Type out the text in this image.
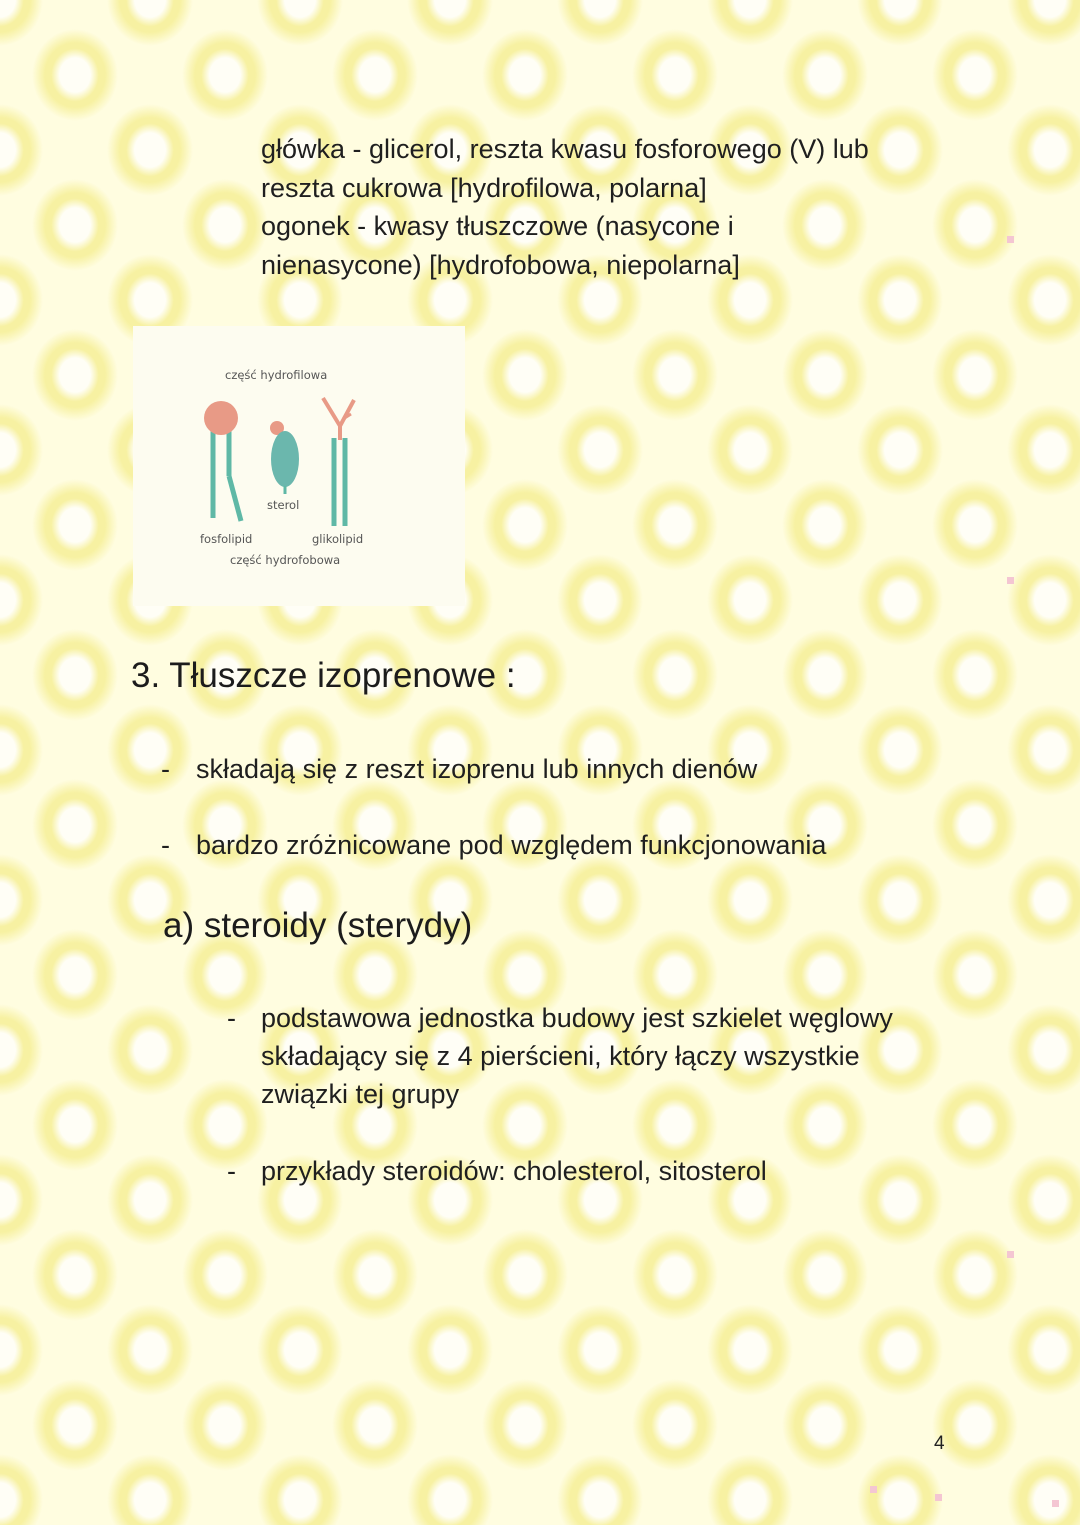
główka - glicerol, reszta kwasu fosforowego (V) lub
reszta cukrowa [hydrofilowa, polarna]
ogonek - kwasy tłuszczowe (nasycone i
nienasycone) [hydrofobowa, niepolarna]
część hydrofilowa
sterol
fosfolipid	glikolipid
część hydrofobowa
3. Tłuszcze izoprenowe :
- składają się z reszt izoprenu lub innych dienów
- bardzo zróżnicowane pod względem funkcjonowania
a) steroidy (sterydy)
- podstawowa jednostka budowy jest szkielet węglowy
składający się z 4 pierścieni, który łączy wszystkie
związki tej grupy
- przykłady steroidów: cholesterol, sitosterol
4
